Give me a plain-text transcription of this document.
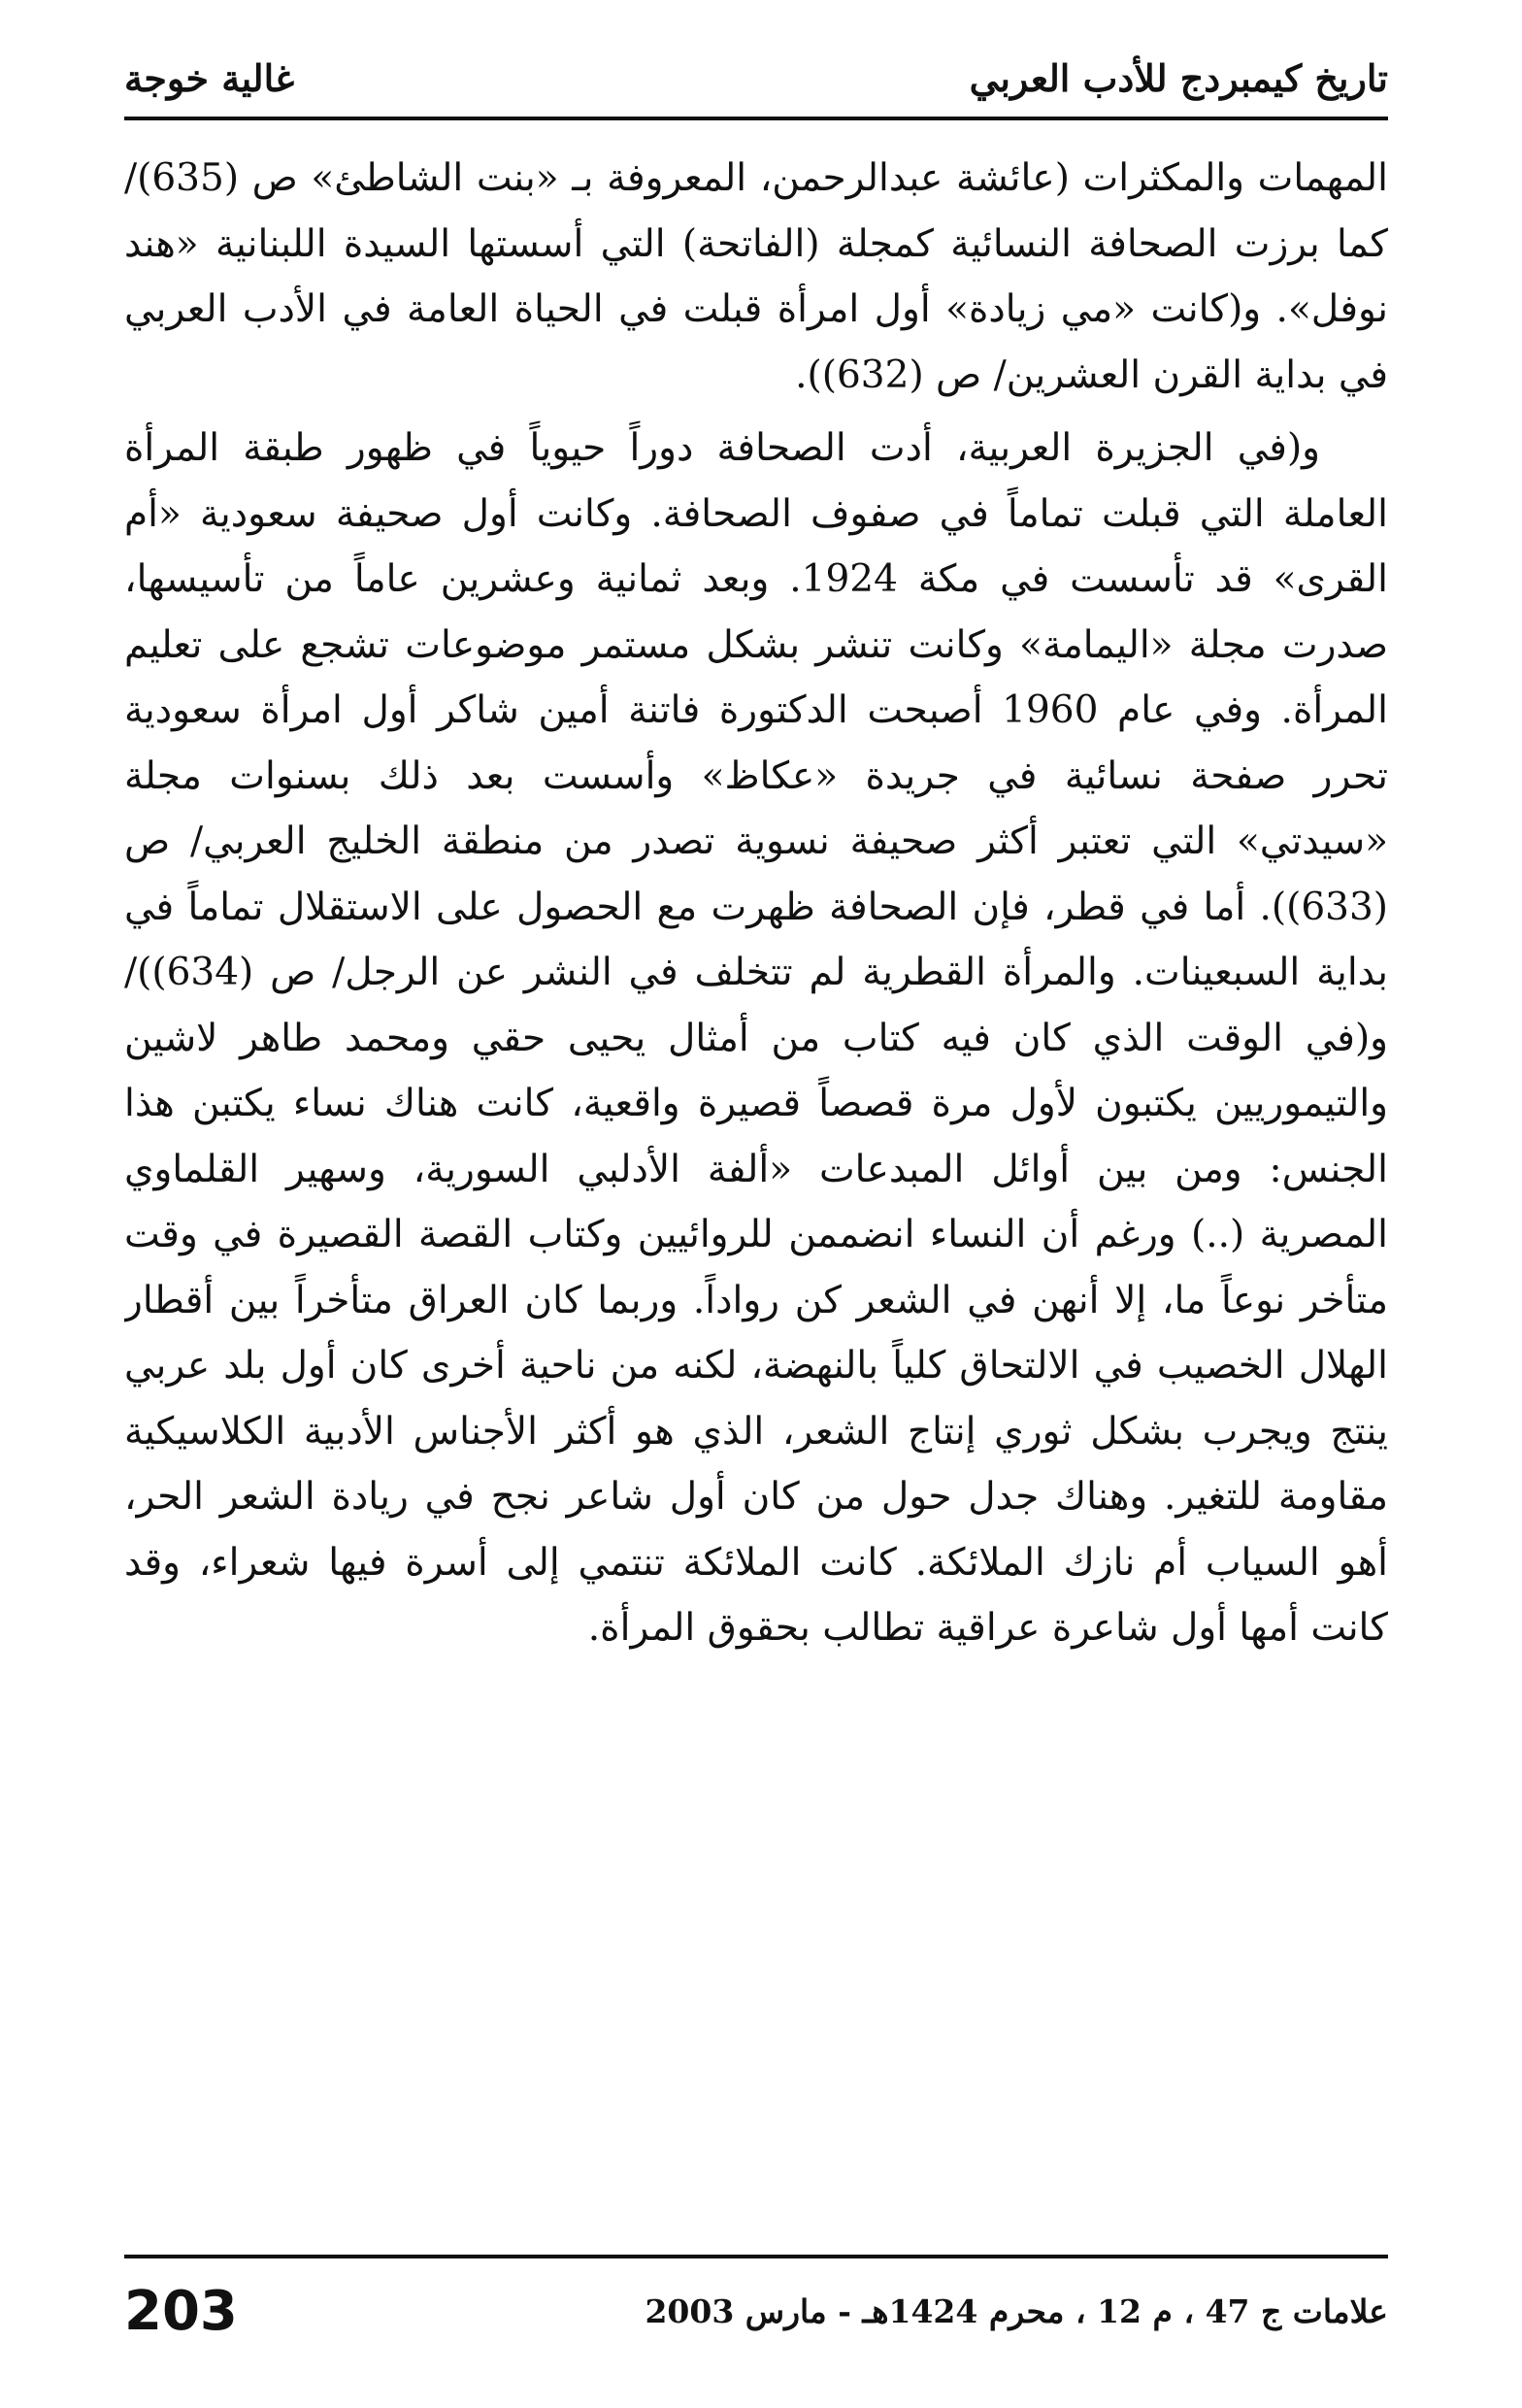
تاريخ كيمبردج للأدب العربي
غالية خوجة

المهمات والمكثرات (عائشة عبدالرحمن، المعروفة بـ «بنت الشاطئ» ص (635)/ كما برزت الصحافة النسائية كمجلة (الفاتحة) التي أسستها السيدة اللبنانية «هند نوفل». و(كانت «مي زيادة» أول امرأة قبلت في الحياة العامة في الأدب العربي في بداية القرن العشرين/ ص (632)).

و(في الجزيرة العربية، أدت الصحافة دوراً حيوياً في ظهور طبقة المرأة العاملة التي قبلت تماماً في صفوف الصحافة. وكانت أول صحيفة سعودية «أم القرى» قد تأسست في مكة 1924. وبعد ثمانية وعشرين عاماً من تأسيسها، صدرت مجلة «اليمامة» وكانت تنشر بشكل مستمر موضوعات تشجع على تعليم المرأة. وفي عام 1960 أصبحت الدكتورة فاتنة أمين شاكر أول امرأة سعودية تحرر صفحة نسائية في جريدة «عكاظ» وأسست بعد ذلك بسنوات مجلة «سيدتي» التي تعتبر أكثر صحيفة نسوية تصدر من منطقة الخليج العربي/ ص (633)). أما في قطر، فإن الصحافة ظهرت مع الحصول على الاستقلال تماماً في بداية السبعينات. والمرأة القطرية لم تتخلف في النشر عن الرجل/ ص (634))/ و(في الوقت الذي كان فيه كتاب من أمثال يحيى حقي ومحمد طاهر لاشين والتيموريين يكتبون لأول مرة قصصاً قصيرة واقعية، كانت هناك نساء يكتبن هذا الجنس: ومن بين أوائل المبدعات «ألفة الأدلبي السورية، وسهير القلماوي المصرية (..) ورغم أن النساء انضممن للروائيين وكتاب القصة القصيرة في وقت متأخر نوعاً ما، إلا أنهن في الشعر كن رواداً. وربما كان العراق متأخراً بين أقطار الهلال الخصيب في الالتحاق كلياً بالنهضة، لكنه من ناحية أخرى كان أول بلد عربي ينتج ويجرب بشكل ثوري إنتاج الشعر، الذي هو أكثر الأجناس الأدبية الكلاسيكية مقاومة للتغير. وهناك جدل حول من كان أول شاعر نجح في ريادة الشعر الحر، أهو السياب أم نازك الملائكة. كانت الملائكة تنتمي إلى أسرة فيها شعراء، وقد كانت أمها أول شاعرة عراقية تطالب بحقوق المرأة.

علامات ج 47 ، م 12 ، محرم 1424هـ - مارس 2003
203
